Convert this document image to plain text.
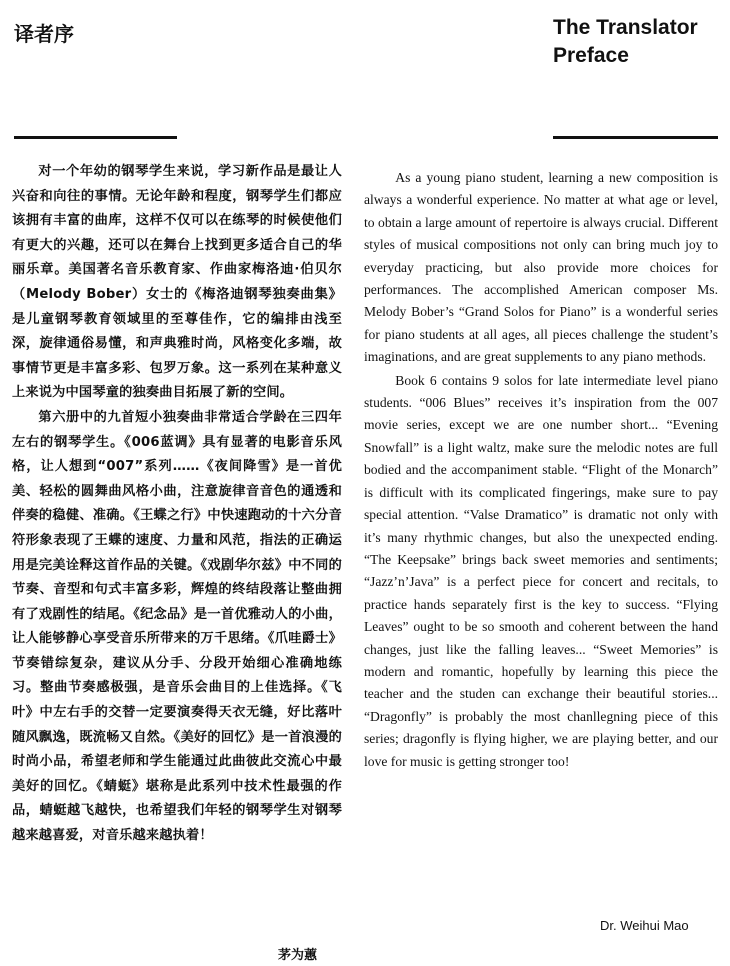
译者序	The Translator Preface

对一个年幼的钢琴学生来说，学习新作品是最让人兴奋和向往的事情。无论年龄和程度，钢琴学生们都应该拥有丰富的曲库，这样不仅可以在练琴的时候使他们有更大的兴趣，还可以在舞台上找到更多适合自己的华丽乐章。美国著名音乐教育家、作曲家梅洛迪·伯贝尔（Melody Bober）女士的《梅洛迪钢琴独奏曲集》是儿童钢琴教育领域里的至尊佳作，它的编排由浅至深，旋律通俗易懂，和声典雅时尚，风格变化多端，故事情节更是丰富多彩、包罗万象。这一系列在某种意义上来说为中国琴童的独奏曲目拓展了新的空间。

第六册中的九首短小独奏曲非常适合学龄在三四年左右的钢琴学生。《006蓝调》具有显著的电影音乐风格，让人想到“007”系列……《夜间降雪》是一首优美、轻松的圆舞曲风格小曲，注意旋律音音色的通透和伴奏的稳健、准确。《王蝶之行》中快速跑动的十六分音符形象表现了王蝶的速度、力量和风范，指法的正确运用是完美诠释这首作品的关键。《戏剧华尔兹》中不同的节奏、音型和句式丰富多彩，辉煌的终结段落让整曲拥有了戏剧性的结尾。《纪念品》是一首优雅动人的小曲，让人能够静心享受音乐所带来的万千思绪。《爪哇爵士》节奏错综复杂，建议从分手、分段开始细心准确地练习。整曲节奏感极强，是音乐会曲目的上佳选择。《飞叶》中左右手的交替一定要演奏得天衣无缝，好比落叶随风飘逸，既流畅又自然。《美好的回忆》是一首浪漫的时尚小品，希望老师和学生能通过此曲彼此交流心中最美好的回忆。《蜻蜓》堪称是此系列中技术性最强的作品，蜻蜓越飞越快，也希望我们年轻的钢琴学生对钢琴越来越喜爱，对音乐越来越执着！

As a young piano student, learning a new composition is always a wonderful experience. No matter at what age or level, to obtain a large amount of repertoire is always crucial. Different styles of musical compositions not only can bring much joy to everyday practicing, but also provide more choices for performances. The accomplished American composer Ms. Melody Bober’s “Grand Solos for Piano” is a wonderful series for piano students at all ages, all pieces challenge the student’s imaginations, and are great supplements to any piano methods.

Book 6 contains 9 solos for late intermediate level piano students. “006 Blues” receives it’s inspiration from the 007 movie series, except we are one number short... “Evening Snowfall” is a light waltz, make sure the melodic notes are full bodied and the accompaniment stable. “Flight of the Monarch” is difficult with its complicated fingerings, make sure to pay special attention. “Valse Dramatico” is dramatic not only with it’s many rhythmic changes, but also the unexpected ending. “The Keepsake” brings back sweet memories and sentiments; “Jazz’n’Java” is a perfect piece for concert and recitals, to practice hands separately first is the key to success. “Flying Leaves” ought to be so smooth and coherent between the hand changes, just like the falling leaves... “Sweet Memories” is modern and romantic, hopefully by learning this piece the teacher and the studen can exchange their beautiful stories... “Dragonfly” is probably the most chanllegning piece of this series; dragonfly is flying higher, we are playing better, and our love for music is getting stronger too!

Dr. Weihui Mao
茅为蕙
